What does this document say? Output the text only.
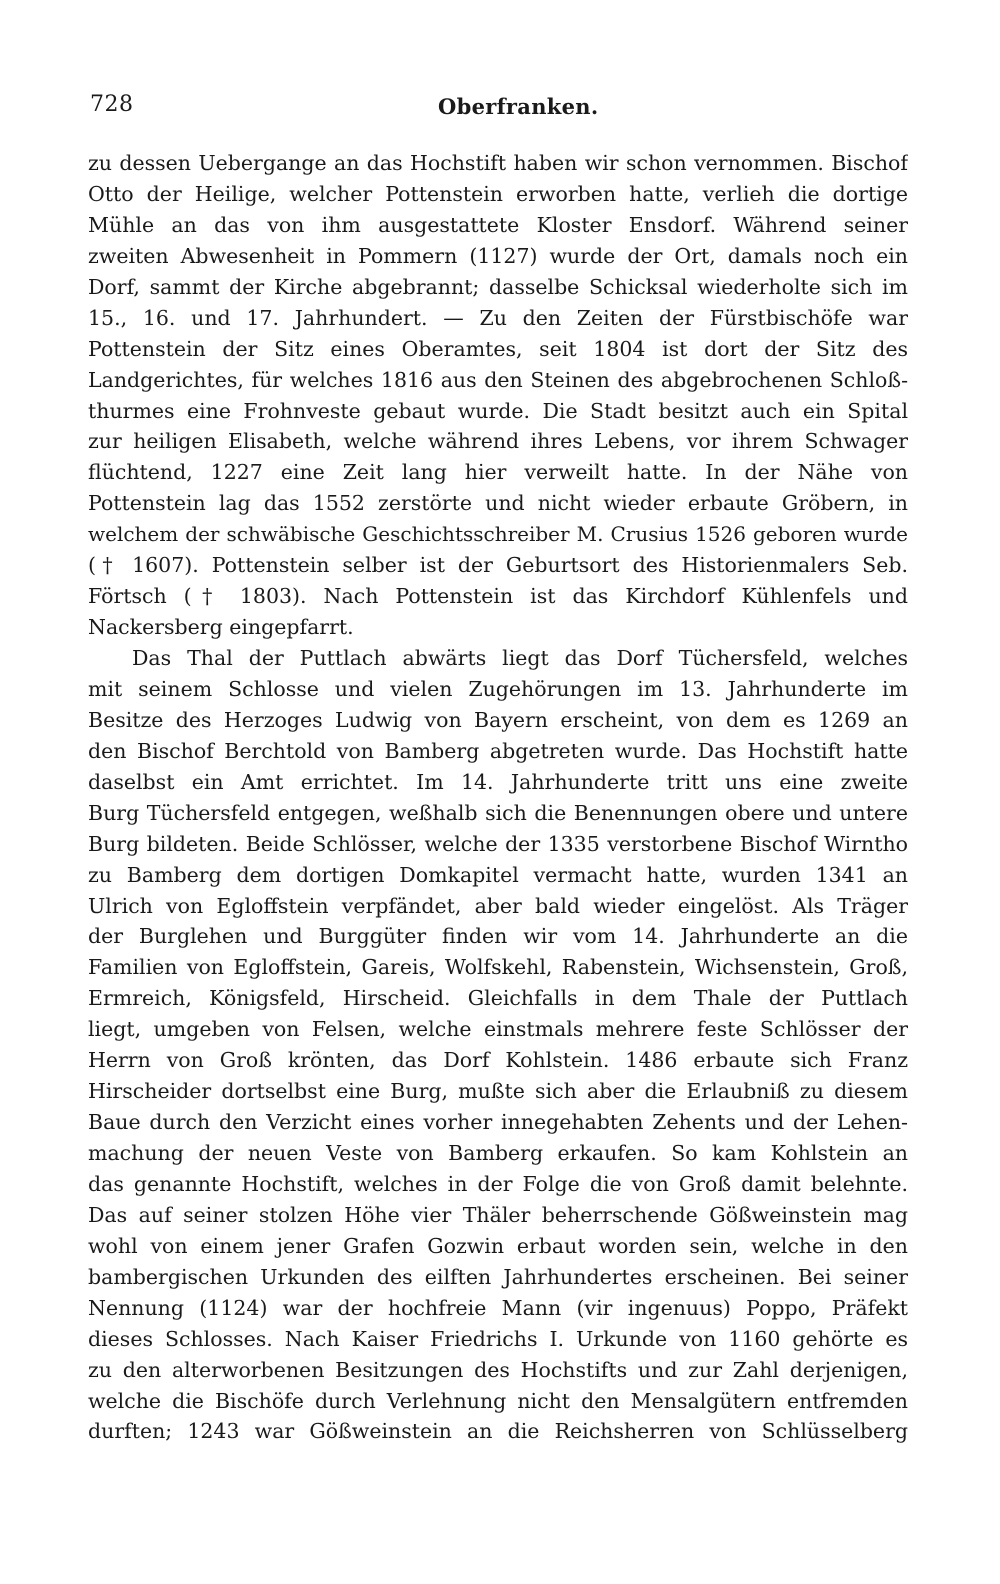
728	Oberfranken.
zu dessen Uebergange an das Hochstift haben wir schon vernommen. Bischof
Otto der Heilige, welcher Pottenstein erworben hatte, verlieh die dortige
Mühle an das von ihm ausgestattete Kloster Ensdorf. Während seiner
zweiten Abwesenheit in Pommern (1127) wurde der Ort, damals noch ein
Dorf, sammt der Kirche abgebrannt; dasselbe Schicksal wiederholte sich im
15., 16. und 17. Jahrhundert. — Zu den Zeiten der Fürstbischöfe war
Pottenstein der Sitz eines Oberamtes, seit 1804 ist dort der Sitz des
Landgerichtes, für welches 1816 aus den Steinen des abgebrochenen Schloß-
thurmes eine Frohnveste gebaut wurde. Die Stadt besitzt auch ein Spital
zur heiligen Elisabeth, welche während ihres Lebens, vor ihrem Schwager
flüchtend, 1227 eine Zeit lang hier verweilt hatte. In der Nähe von
Pottenstein lag das 1552 zerstörte und nicht wieder erbaute Gröbern, in
welchem der schwäbische Geschichtsschreiber M. Crusius 1526 geboren wurde
(† 1607). Pottenstein selber ist der Geburtsort des Historienmalers Seb.
Förtsch († 1803). Nach Pottenstein ist das Kirchdorf Kühlenfels und
Nackersberg eingepfarrt.
Das Thal der Puttlach abwärts liegt das Dorf Tüchersfeld, welches
mit seinem Schlosse und vielen Zugehörungen im 13. Jahrhunderte im
Besitze des Herzoges Ludwig von Bayern erscheint, von dem es 1269 an
den Bischof Berchtold von Bamberg abgetreten wurde. Das Hochstift hatte
daselbst ein Amt errichtet. Im 14. Jahrhunderte tritt uns eine zweite
Burg Tüchersfeld entgegen, weßhalb sich die Benennungen obere und untere
Burg bildeten. Beide Schlösser, welche der 1335 verstorbene Bischof Wirntho
zu Bamberg dem dortigen Domkapitel vermacht hatte, wurden 1341 an
Ulrich von Egloffstein verpfändet, aber bald wieder eingelöst. Als Träger
der Burglehen und Burggüter finden wir vom 14. Jahrhunderte an die
Familien von Egloffstein, Gareis, Wolfskehl, Rabenstein, Wichsenstein, Groß,
Ermreich, Königsfeld, Hirscheid. Gleichfalls in dem Thale der Puttlach
liegt, umgeben von Felsen, welche einstmals mehrere feste Schlösser der
Herrn von Groß krönten, das Dorf Kohlstein. 1486 erbaute sich Franz
Hirscheider dortselbst eine Burg, mußte sich aber die Erlaubniß zu diesem
Baue durch den Verzicht eines vorher innegehabten Zehents und der Lehen-
machung der neuen Veste von Bamberg erkaufen. So kam Kohlstein an
das genannte Hochstift, welches in der Folge die von Groß damit belehnte.
Das auf seiner stolzen Höhe vier Thäler beherrschende Gößweinstein mag
wohl von einem jener Grafen Gozwin erbaut worden sein, welche in den
bambergischen Urkunden des eilften Jahrhundertes erscheinen. Bei seiner
Nennung (1124) war der hochfreie Mann (vir ingenuus) Poppo, Präfekt
dieses Schlosses. Nach Kaiser Friedrichs I. Urkunde von 1160 gehörte es
zu den alterworbenen Besitzungen des Hochstifts und zur Zahl derjenigen,
welche die Bischöfe durch Verlehnung nicht den Mensalgütern entfremden
durften; 1243 war Gößweinstein an die Reichsherren von Schlüsselberg
